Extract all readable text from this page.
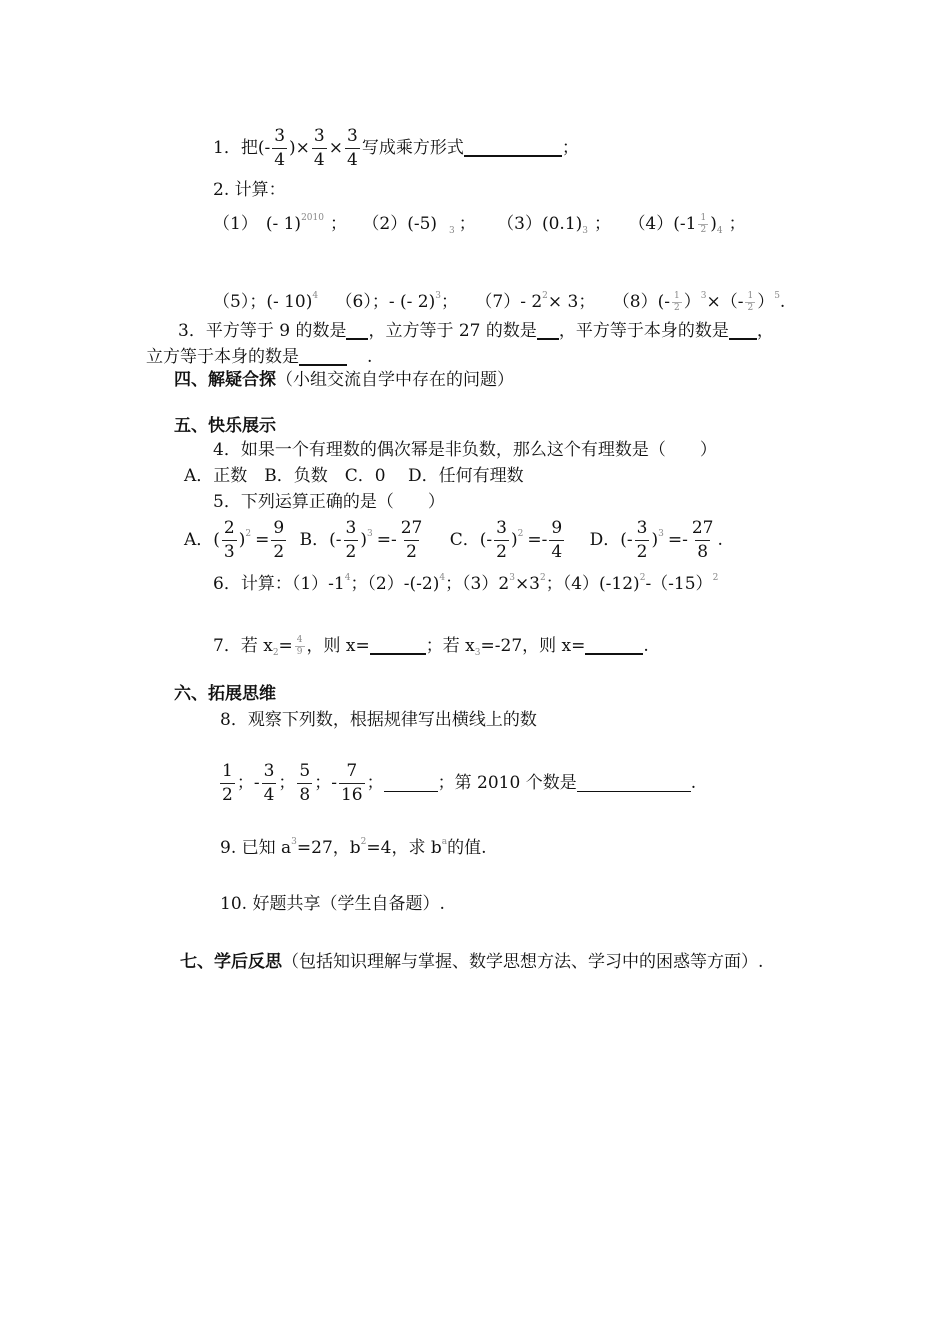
1．把(- $\frac{3}{4}$ )× $\frac{3}{4} \times \frac{3}{4}$ 写成乘方形式	；
2. 计算：
（1） (- 1)$^{2010}$ ； （2）(-5) $_3$ ； $(3)(0.1)_3$ ； $(4)(-1 \frac{1}{2} )_4$ ；
（5）；(- 10)$^4$ （6）；- (- 2)$^3$； （7）- $2^2\times 3$； $(8)(- \frac{1}{2} )^3\times(- \frac{1}{2} )^5$.
3．平方等于 9 的数是 ，立方等于 27 的数是 ，平方等于本身的数是 ，
立方等于本身的数是	.
四、解疑合探（小组交流自学中存在的问题）
五、快乐展示
4．如果一个有理数的偶次幂是非负数，那么这个有理数是（　　）
A．正数　B．负数　C．0　 D．任何有理数
5．下列运算正确的是（　　）
A．( $\frac{2}{3} )^2 = \frac{9}{2}$ B．(- $\frac{3}{2} )^3 =- \frac{27}{2}$ C．(- $\frac{3}{2} )^2 =- \frac{9}{4}$ D．(- $\frac{3}{2} )^3 =- \frac{27}{8}$ .
6．计算：$(1)-1^4$；$(2)-(-2)^4$；$(3)2^3\times 3^2$；$(4)(-12)^2-(-15)^2$
7．若 $x_2= \frac{4}{9}$ ，则 x=	；若 $x_3=-27$，则 x=	.
六、拓展思维
8．观察下列数，根据规律写出横线上的数
$\frac{1}{2}$ ；- $\frac{3}{4}$ ； $\frac{5}{8}$ ；- $\frac{7}{16}$ ；	；第 2010 个数是	.
9. 已知 $a^3=27$，$b^2=4$，求 $b^a$的值.
10. 好题共享（学生自备题）.
七、学后反思（包括知识理解与掌握、数学思想方法、学习中的困惑等方面）.
